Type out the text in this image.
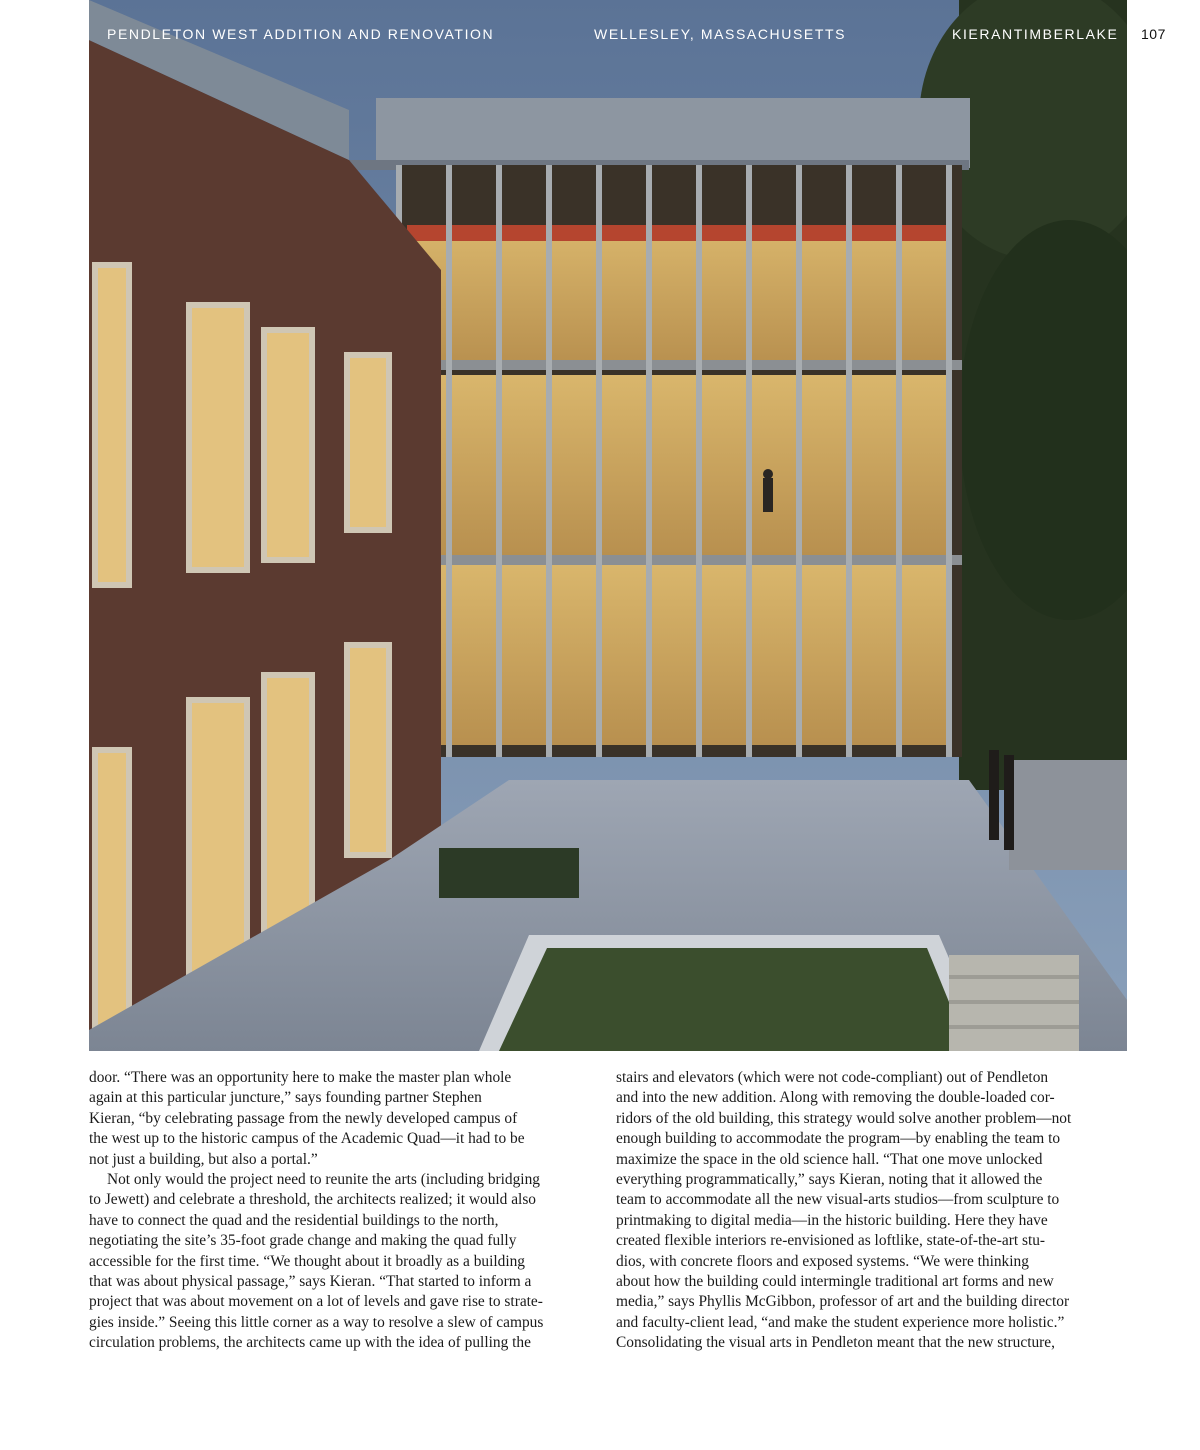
PENDLETON WEST ADDITION AND RENOVATION	WELLESLEY, MASSACHUSETTS	KIERANTIMBERLAKE 107
door. “There was an opportunity here to make the master plan whole
again at this particular juncture,” says founding partner Stephen
Kieran, “by celebrating passage from the newly developed campus of
the west up to the historic campus of the Academic Quad—it had to be
not just a building, but also a portal.”
Not only would the project need to reunite the arts (including bridging
to Jewett) and celebrate a threshold, the architects realized; it would also
have to connect the quad and the residential buildings to the north,
negotiating the site’s 35-foot grade change and making the quad fully
accessible for the first time. “We thought about it broadly as a building
that was about physical passage,” says Kieran. “That started to inform a
project that was about movement on a lot of levels and gave rise to strate-
gies inside.” Seeing this little corner as a way to resolve a slew of campus
circulation problems, the architects came up with the idea of pulling the
stairs and elevators (which were not code-compliant) out of Pendleton
and into the new addition. Along with removing the double-loaded cor-
ridors of the old building, this strategy would solve another problem—not
enough building to accommodate the program—by enabling the team to
maximize the space in the old science hall. “That one move unlocked
everything programmatically,” says Kieran, noting that it allowed the
team to accommodate all the new visual-arts studios—from sculpture to
printmaking to digital media—in the historic building. Here they have
created flexible interiors re-envisioned as loftlike, state-of-the-art stu-
dios, with concrete floors and exposed systems. “We were thinking
about how the building could intermingle traditional art forms and new
media,” says Phyllis McGibbon, professor of art and the building director
and faculty-client lead, “and make the student experience more holistic.”
Consolidating the visual arts in Pendleton meant that the new structure,
